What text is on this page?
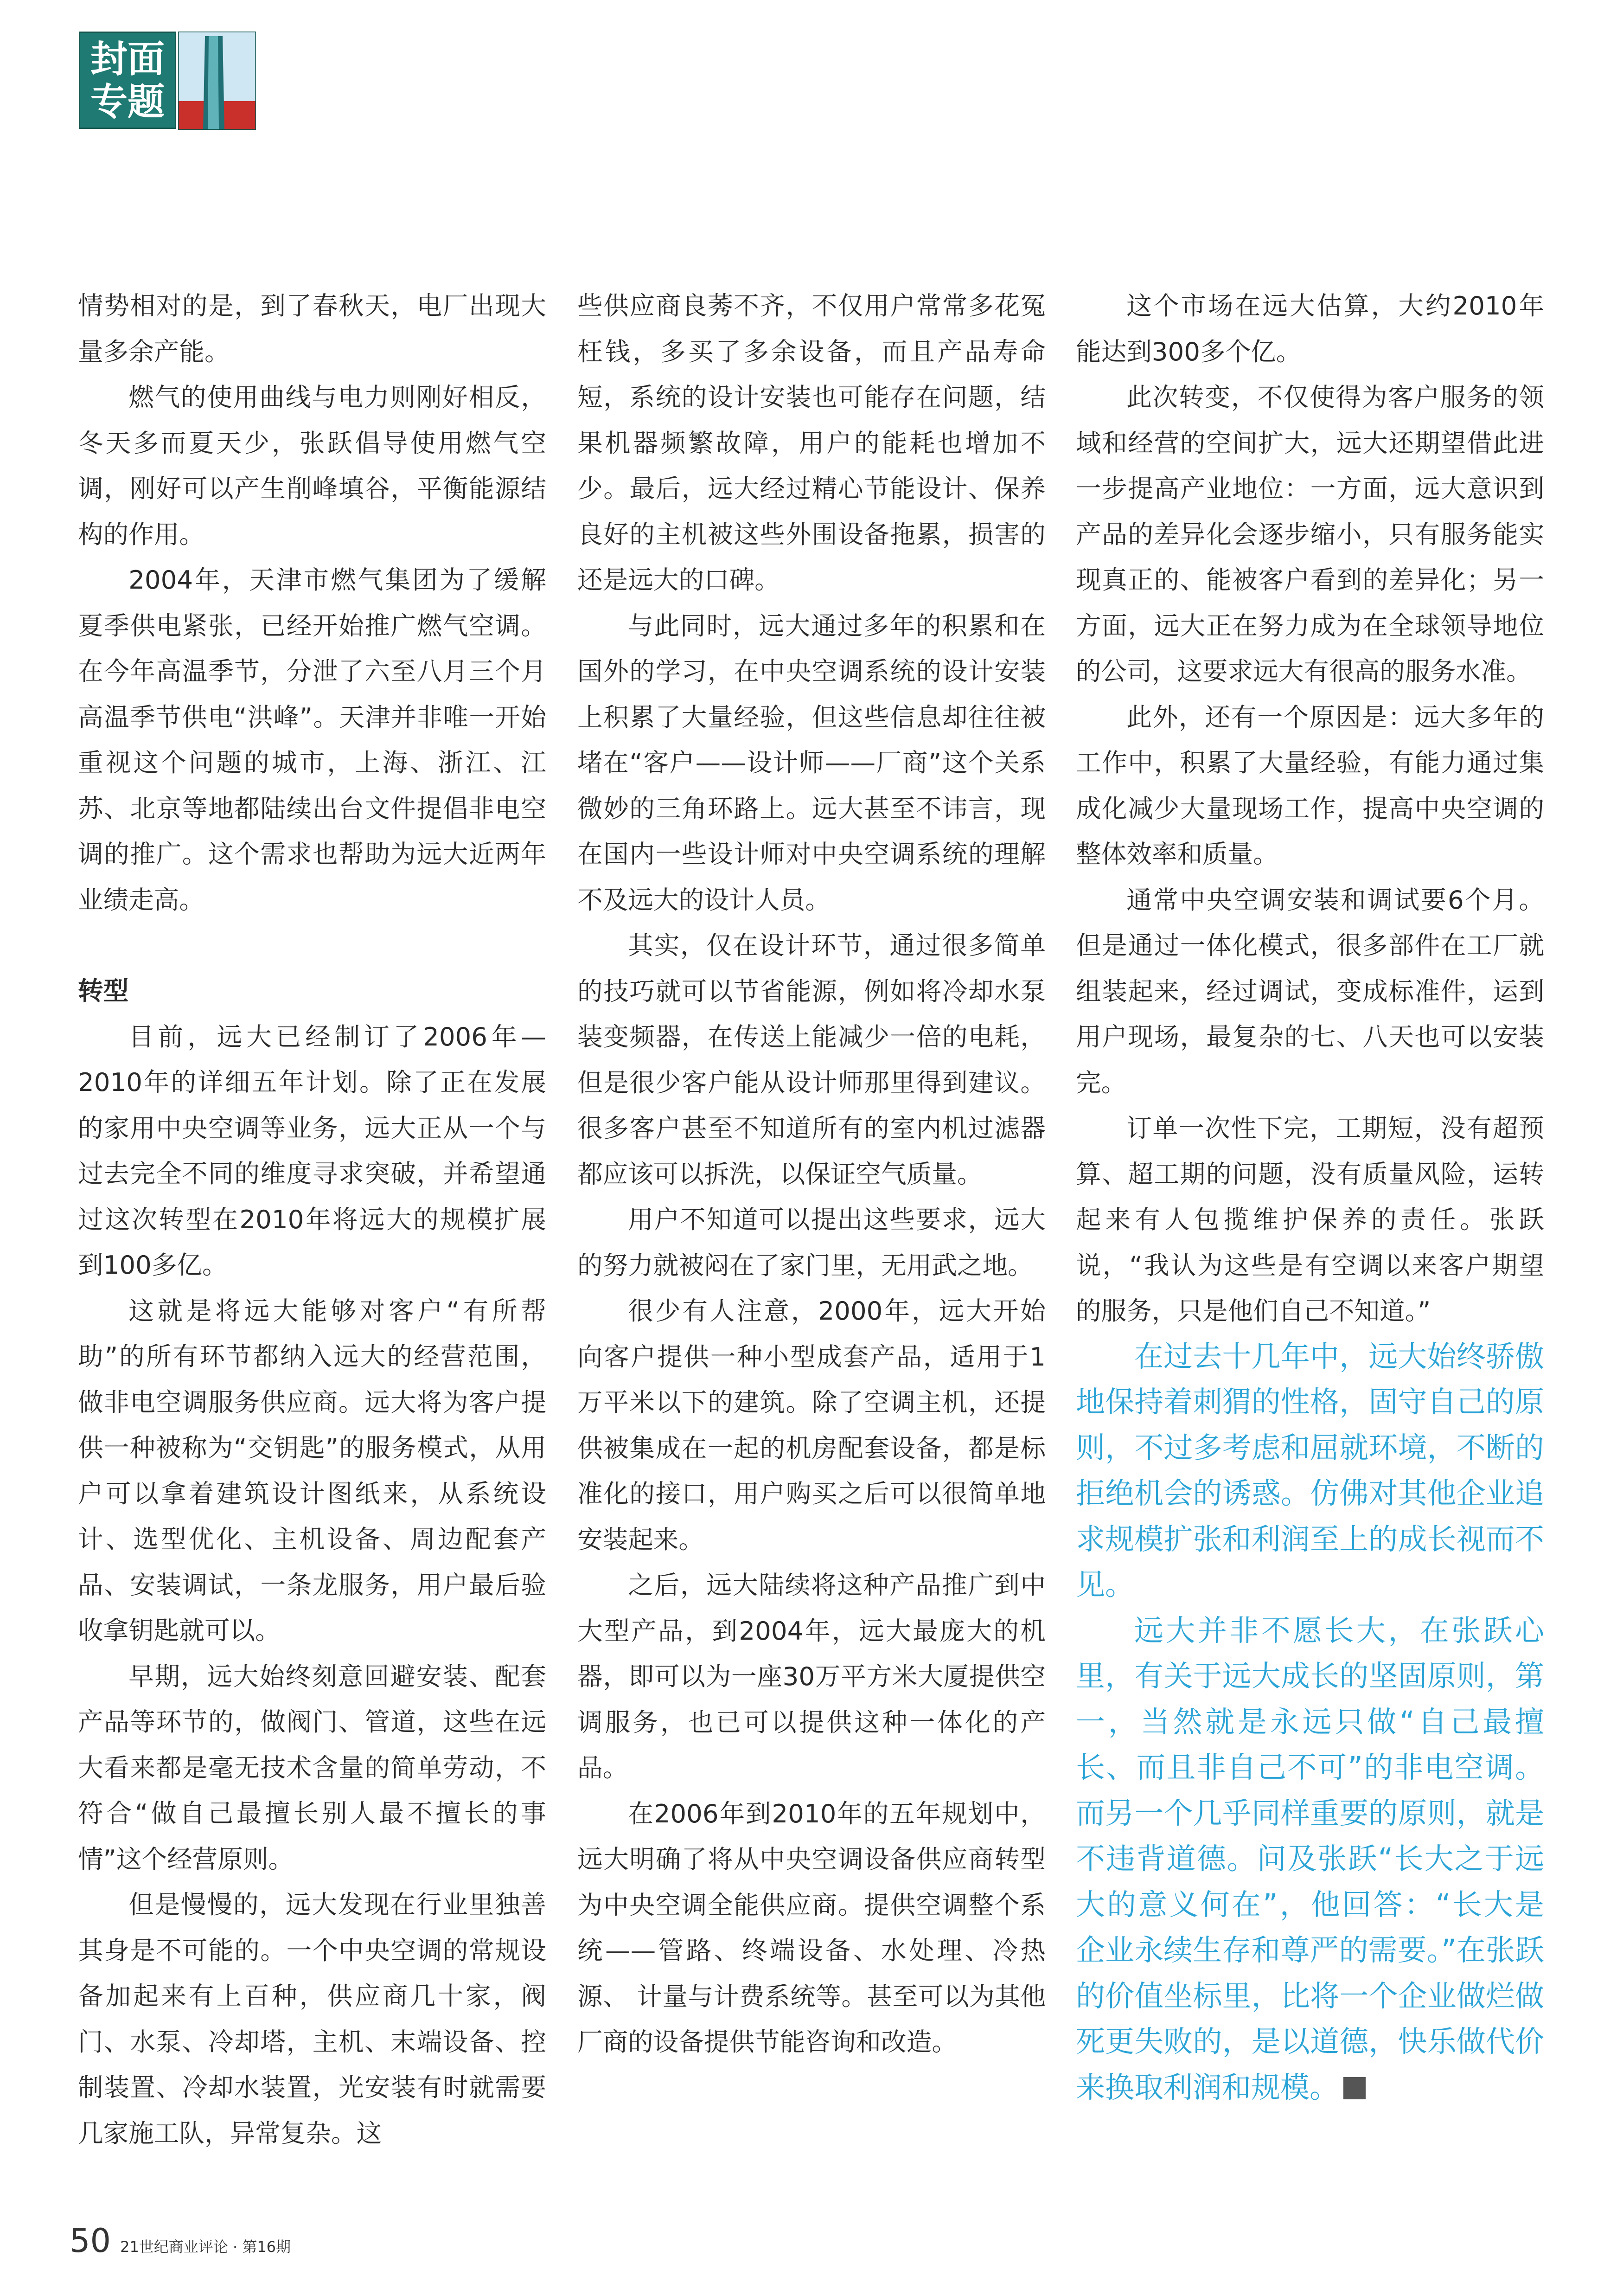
封面
专题

情势相对的是，到了春秋天，电厂出现大量多余产能。

燃气的使用曲线与电力则刚好相反，冬天多而夏天少，张跃倡导使用燃气空调，刚好可以产生削峰填谷，平衡能源结构的作用。

2004年，天津市燃气集团为了缓解夏季供电紧张，已经开始推广燃气空调。在今年高温季节，分泄了六至八月三个月高温季节供电“洪峰”。天津并非唯一开始重视这个问题的城市，上海、浙江、江苏、北京等地都陆续出台文件提倡非电空调的推广。这个需求也帮助为远大近两年业绩走高。

转型

目前，远大已经制订了2006年—2010年的详细五年计划。除了正在发展的家用中央空调等业务，远大正从一个与过去完全不同的维度寻求突破，并希望通过这次转型在2010年将远大的规模扩展到100多亿。

这就是将远大能够对客户“有所帮助”的所有环节都纳入远大的经营范围，做非电空调服务供应商。远大将为客户提供一种被称为“交钥匙”的服务模式，从用户可以拿着建筑设计图纸来，从系统设计、选型优化、主机设备、周边配套产品、安装调试，一条龙服务，用户最后验收拿钥匙就可以。

早期，远大始终刻意回避安装、配套产品等环节的，做阀门、管道，这些在远大看来都是毫无技术含量的简单劳动，不符合“做自己最擅长别人最不擅长的事情”这个经营原则。

但是慢慢的，远大发现在行业里独善其身是不可能的。一个中央空调的常规设备加起来有上百种，供应商几十家，阀门、水泵、冷却塔，主机、末端设备、控制装置、冷却水装置，光安装有时就需要几家施工队，异常复杂。这

些供应商良莠不齐，不仅用户常常多花冤枉钱，多买了多余设备，而且产品寿命短，系统的设计安装也可能存在问题，结果机器频繁故障，用户的能耗也增加不少。最后，远大经过精心节能设计、保养良好的主机被这些外围设备拖累，损害的还是远大的口碑。

与此同时，远大通过多年的积累和在国外的学习，在中央空调系统的设计安装上积累了大量经验，但这些信息却往往被堵在“客户——设计师——厂商”这个关系微妙的三角环路上。远大甚至不讳言，现在国内一些设计师对中央空调系统的理解不及远大的设计人员。

其实，仅在设计环节，通过很多简单的技巧就可以节省能源，例如将冷却水泵装变频器，在传送上能减少一倍的电耗，但是很少客户能从设计师那里得到建议。很多客户甚至不知道所有的室内机过滤器都应该可以拆洗，以保证空气质量。

用户不知道可以提出这些要求，远大的努力就被闷在了家门里，无用武之地。

很少有人注意，2000年，远大开始向客户提供一种小型成套产品，适用于1万平米以下的建筑。除了空调主机，还提供被集成在一起的机房配套设备，都是标准化的接口，用户购买之后可以很简单地安装起来。

之后，远大陆续将这种产品推广到中大型产品，到2004年，远大最庞大的机器，即可以为一座30万平方米大厦提供空调服务，也已可以提供这种一体化的产品。

在2006年到2010年的五年规划中，远大明确了将从中央空调设备供应商转型为中央空调全能供应商。提供空调整个系统——管路、终端设备、水处理、冷热源、 计量与计费系统等。甚至可以为其他厂商的设备提供节能咨询和改造。

这个市场在远大估算，大约2010年能达到300多个亿。

此次转变，不仅使得为客户服务的领域和经营的空间扩大，远大还期望借此进一步提高产业地位：一方面，远大意识到产品的差异化会逐步缩小，只有服务能实现真正的、能被客户看到的差异化；另一方面，远大正在努力成为在全球领导地位的公司，这要求远大有很高的服务水准。

此外，还有一个原因是：远大多年的工作中，积累了大量经验，有能力通过集成化减少大量现场工作，提高中央空调的整体效率和质量。

通常中央空调安装和调试要6个月。但是通过一体化模式，很多部件在工厂就组装起来，经过调试，变成标准件，运到用户现场，最复杂的七、八天也可以安装完。

订单一次性下完，工期短，没有超预算、超工期的问题，没有质量风险，运转起来有人包揽维护保养的责任。张跃说，“我认为这些是有空调以来客户期望的服务，只是他们自己不知道。”

在过去十几年中，远大始终骄傲地保持着刺猬的性格，固守自己的原则，不过多考虑和屈就环境，不断的拒绝机会的诱惑。仿佛对其他企业追求规模扩张和利润至上的成长视而不见。

远大并非不愿长大，在张跃心里，有关于远大成长的坚固原则，第一，当然就是永远只做“自己最擅长、而且非自己不可”的非电空调。而另一个几乎同样重要的原则，就是不违背道德。问及张跃“长大之于远大的意义何在”，他回答：“长大是企业永续生存和尊严的需要。”在张跃的价值坐标里，比将一个企业做烂做死更失败的，是以道德，快乐做代价来换取利润和规模。

50 21世纪商业评论 · 第16期
